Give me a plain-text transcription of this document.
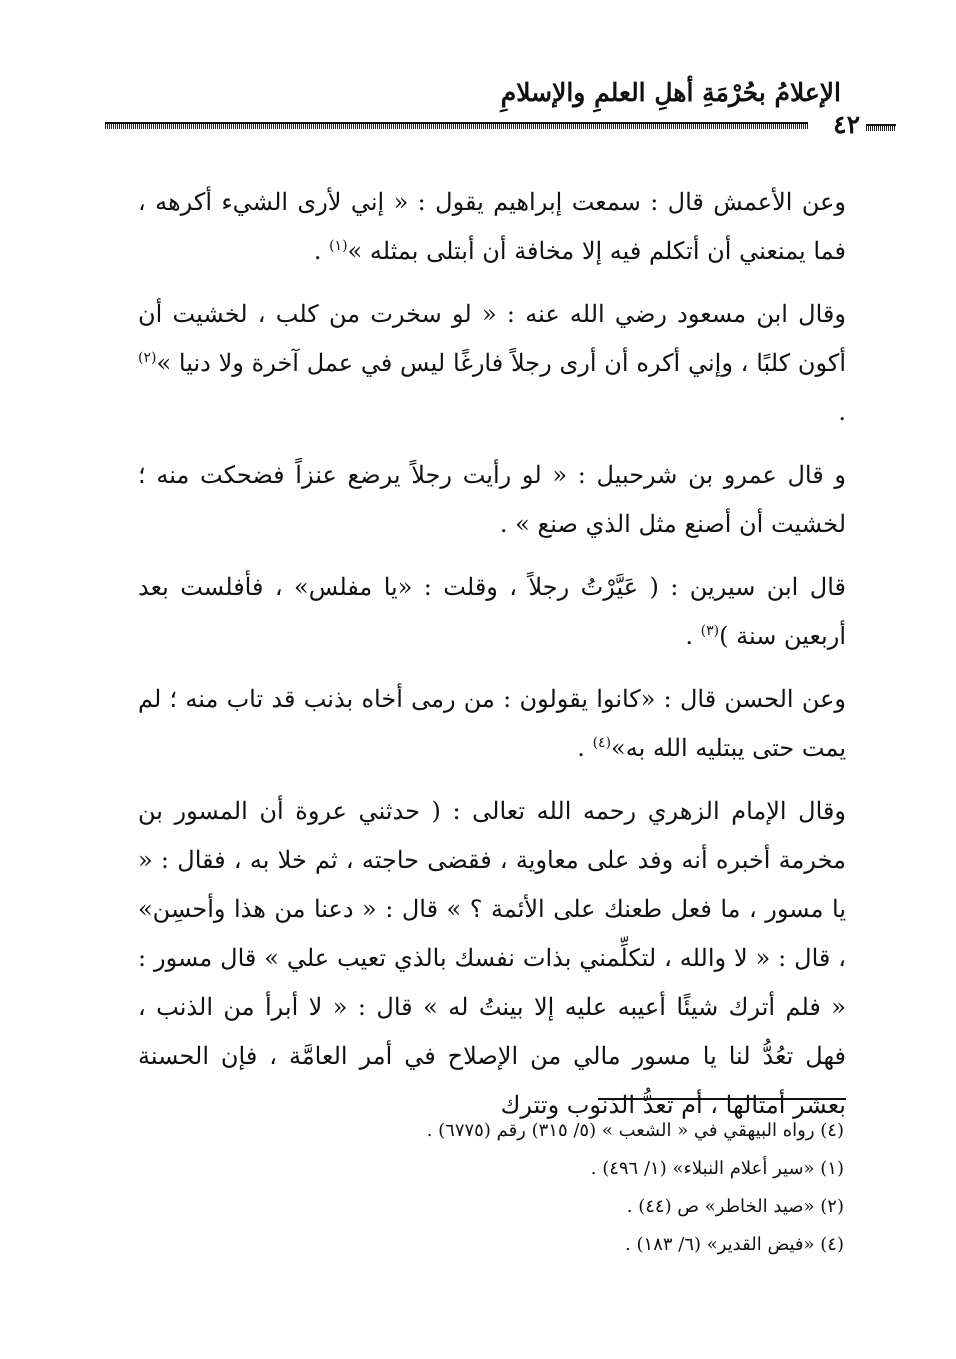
الإعلامُ بحُرْمَةِ أهلِ العلمِ والإسلامِ
٤٢

وعن الأعمش قال : سمعت إبراهيم يقول : « إني لأرى الشيء أكرهه ، فما يمنعني أن أتكلم فيه إلا مخافة أن أبتلى بمثله »$^{(١)}$ .

وقال ابن مسعود رضي الله عنه : « لو سخرت من كلب ، لخشيت أن أكون كلبًا ، وإني أكره أن أرى رجلاً فارغًا ليس في عمل آخرة ولا دنيا »$^{(٢)}$ .

و قال عمرو بن شرحبيل : « لو رأيت رجلاً يرضع عنزاً فضحكت منه ؛ لخشيت أن أصنع مثل الذي صنع » .

قال ابن سيرين : ( عَيَّرْتُ رجلاً ، وقلت : «يا مفلس» ، فأفلست بعد أربعين سنة )$^{(٣)}$ .

وعن الحسن قال : «كانوا يقولون : من رمى أخاه بذنب قد تاب منه ؛ لم يمت حتى يبتليه الله به»$^{(٤)}$ .

وقال الإمام الزهري رحمه الله تعالى : ( حدثني عروة أن المسور بن مخرمة أخبره أنه وفد على معاوية ، فقضى حاجته ، ثم خلا به ، فقال : « يا مسور ، ما فعل طعنك على الأئمة ؟ » قال : « دعنا من هذا وأحسِن» ، قال : « لا والله ، لتكلِّمني بذات نفسك بالذي تعيب علي » قال مسور : « فلم أترك شيئًا أعيبه عليه إلا بينتُ له » قال : « لا أبرأ من الذنب ، فهل تعُدُّ لنا يا مسور مالي من الإصلاح في أمر العامَّة ، فإن الحسنة بعشر أمثالها ، أم تعدُّ الذنوب وتترك

(٤) رواه البيهقي في « الشعب » (٥/ ٣١٥) رقم (٦٧٧٥) .
(١) «سير أعلام النبلاء» (١/ ٤٩٦) .
(٢) «صيد الخاطر» ص (٤٤) .
(٤) «فيض القدير» (٦/ ١٨٣) .
